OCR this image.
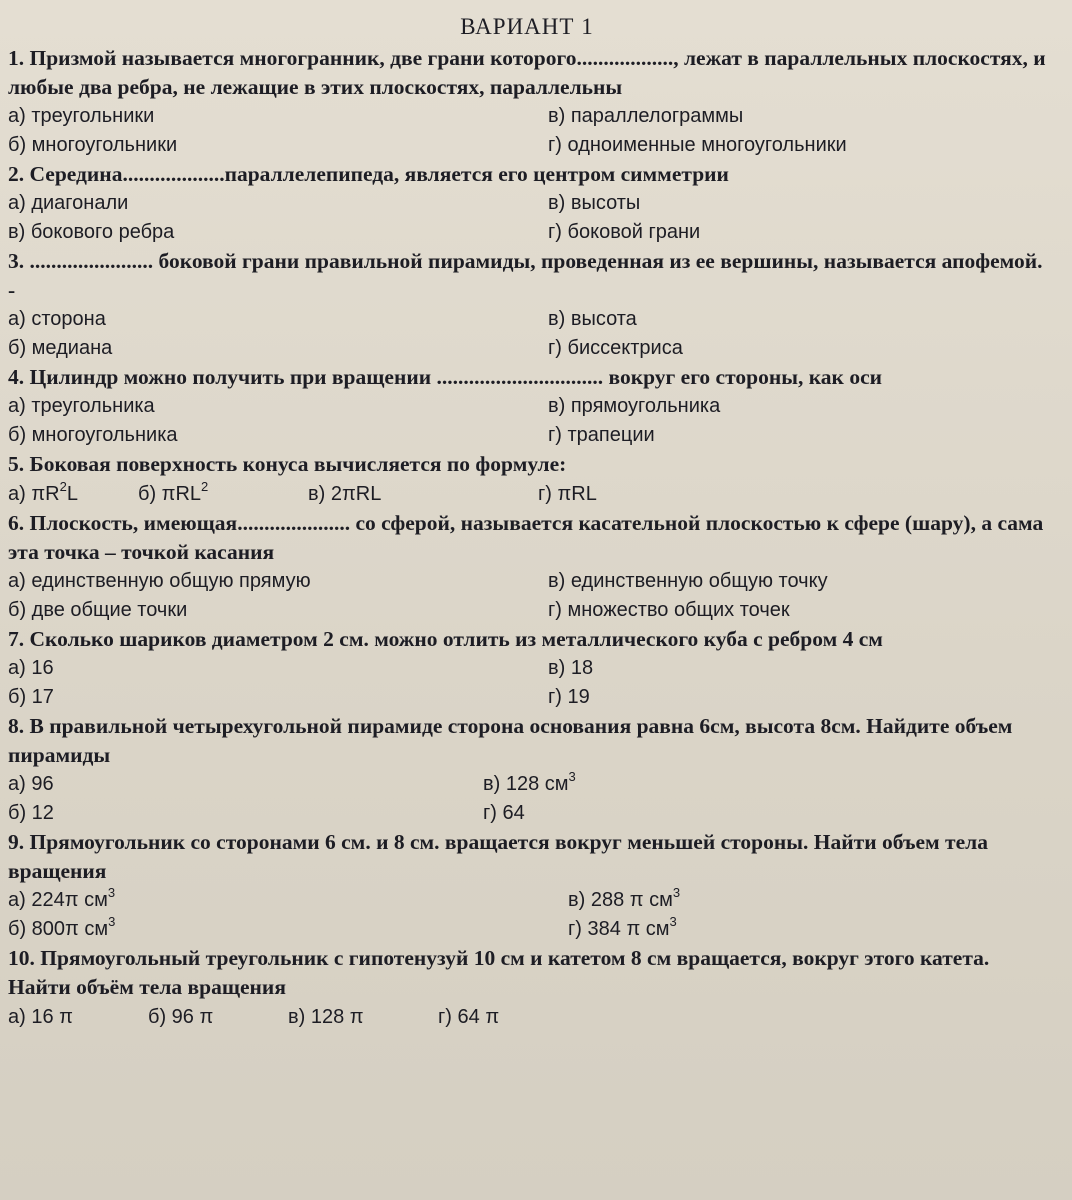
ВАРИАНТ 1
1. Призмой называется многогранник, две грани которого.................., лежат в параллельных плоскостях, и любые два ребра, не лежащие в этих плоскостях, параллельны
а) треугольники	в) параллелограммы
б) многоугольники	г) одноименные многоугольники
2. Середина...................параллелепипеда, является его центром симметрии
а) диагонали	в) высоты
в) бокового ребра	г) боковой грани
3. ....................... боковой грани правильной пирамиды, проведенная из ее вершины, называется апофемой. -
а) сторона	в) высота
б) медиана	г) биссектриса
4. Цилиндр можно получить при вращении ............................... вокруг его стороны, как оси
а) треугольника	в) прямоугольника
б) многоугольника	г) трапеции
5. Боковая поверхность конуса вычисляется по формуле:
а) $\pi R^2L$	б) πRL$^2$	в) 2πRL	г) πRL
6. Плоскость, имеющая..................... со сферой, называется касательной плоскостью к сфере (шару), а сама эта точка – точкой касания
а) единственную общую прямую	в) единственную общую точку
б) две общие точки	г) множество общих точек
7. Сколько шариков диаметром 2 см. можно отлить из металлического куба с ребром 4 см
а) 16	в) 18
б) 17	г) 19
8. В правильной четырехугольной пирамиде сторона основания равна 6см, высота 8см. Найдите объем пирамиды
а) 96	в) 128 $см^3$
б) 12	г) 64
9. Прямоугольник со сторонами 6 см. и 8 см. вращается вокруг меньшей стороны. Найти объем тела вращения
а) 224π $см^3$	в) 288 π $см^3$
б) 800π $см^3$	г) 384 π $см^3$
10. Прямоугольный треугольник с гипотенузуй 10 см и катетом 8 см вращается, вокруг этого катета. Найти объём тела вращения
а) 16 π	б) 96 π	в) 128 π	г) 64 π
